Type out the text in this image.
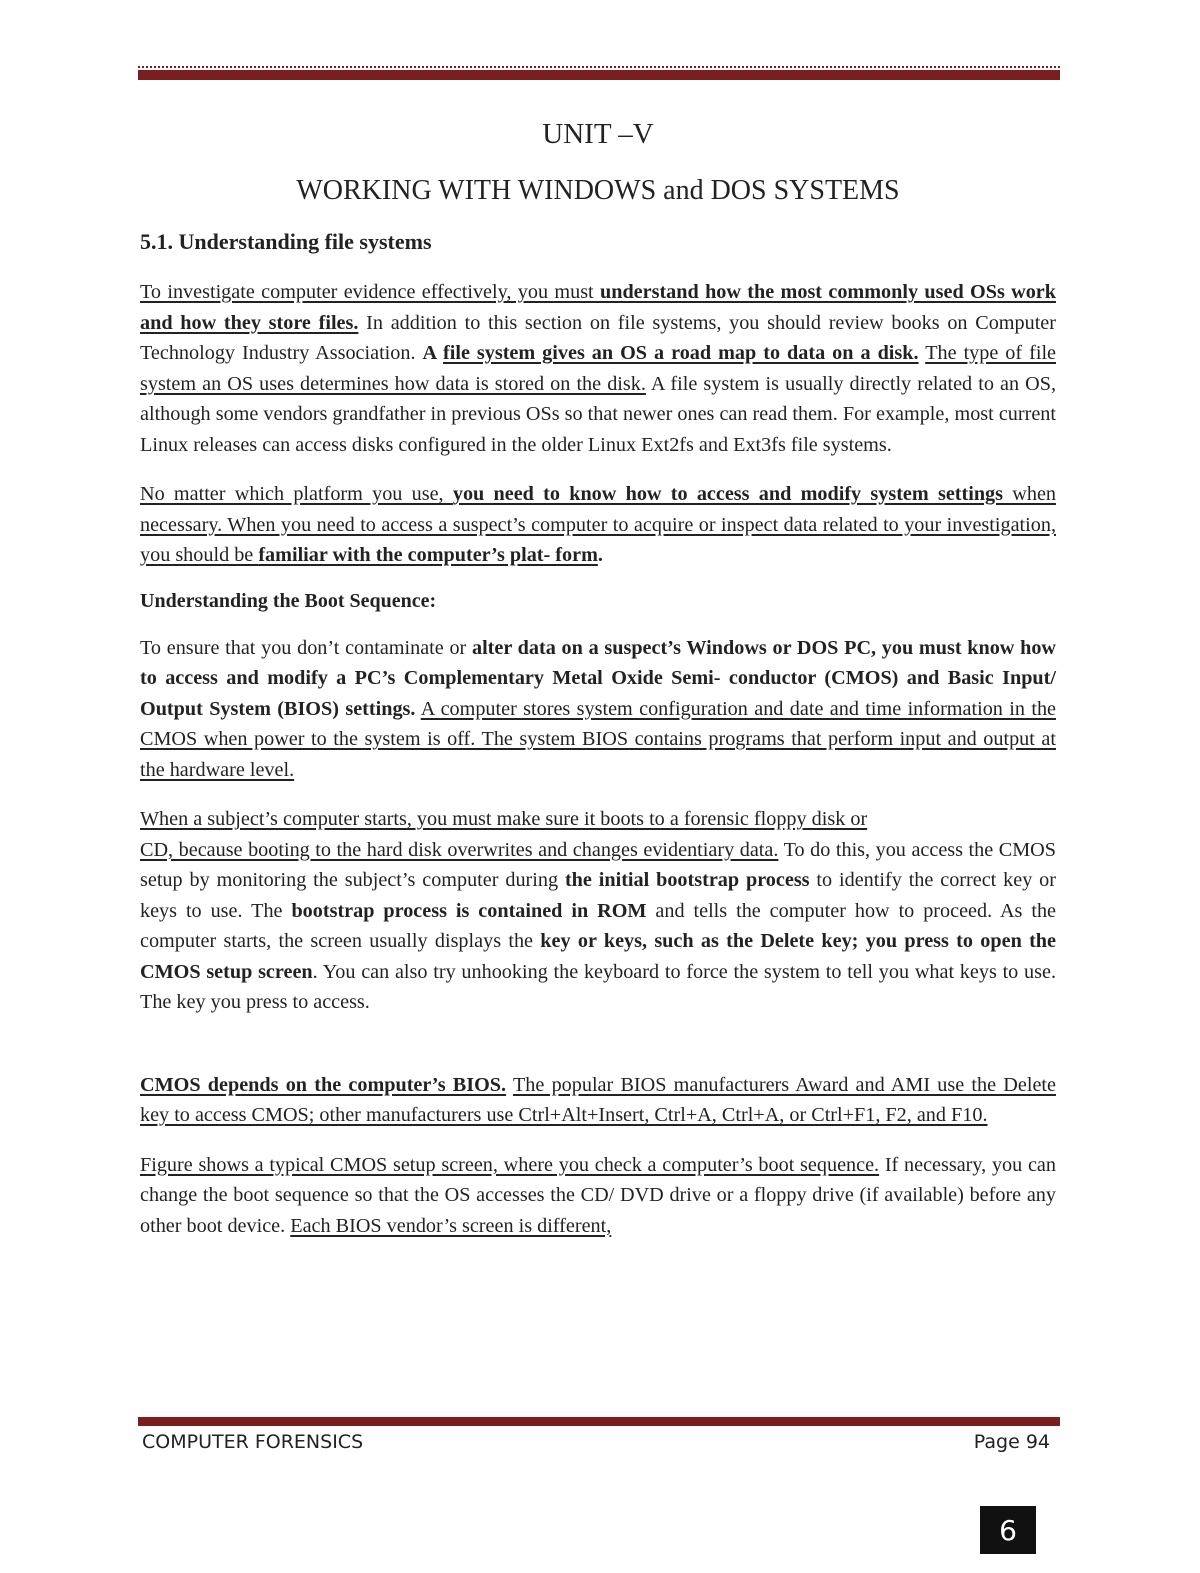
UNIT –V
WORKING WITH WINDOWS and DOS SYSTEMS
5.1. Understanding file systems

To investigate computer evidence effectively, you must understand how the most commonly used OSs work and how they store files. In addition to this section on file systems, you should review books on Computer Technology Industry Association. A file system gives an OS a road map to data on a disk. The type of file system an OS uses determines how data is stored on the disk. A file system is usually directly related to an OS, although some vendors grandfather in previous OSs so that newer ones can read them. For example, most current Linux releases can access disks configured in the older Linux Ext2fs and Ext3fs file systems.

No matter which platform you use, you need to know how to access and modify system settings when necessary. When you need to access a suspect’s computer to acquire or inspect data related to your investigation, you should be familiar with the computer’s plat- form.

Understanding the Boot Sequence:

To ensure that you don’t contaminate or alter data on a suspect’s Windows or DOS PC, you must know how to access and modify a PC’s Complementary Metal Oxide Semi- conductor (CMOS) and Basic Input/ Output System (BIOS) settings. A computer stores system configuration and date and time information in the CMOS when power to the system is off. The system BIOS contains programs that perform input and output at the hardware level.

When a subject’s computer starts, you must make sure it boots to a forensic floppy disk or
CD, because booting to the hard disk overwrites and changes evidentiary data. To do this, you access the CMOS setup by monitoring the subject’s computer during the initial bootstrap process to identify the correct key or keys to use. The bootstrap process is contained in ROM and tells the computer how to proceed. As the computer starts, the screen usually displays the key or keys, such as the Delete key; you press to open the CMOS setup screen. You can also try unhooking the keyboard to force the system to tell you what keys to use. The key you press to access.

CMOS depends on the computer’s BIOS. The popular BIOS manufacturers Award and AMI use the Delete key to access CMOS; other manufacturers use Ctrl+Alt+Insert, Ctrl+A, Ctrl+A, or Ctrl+F1, F2, and F10.

Figure shows a typical CMOS setup screen, where you check a computer’s boot sequence. If necessary, you can change the boot sequence so that the OS accesses the CD/ DVD drive or a floppy drive (if available) before any other boot device. Each BIOS vendor’s screen is different,

COMPUTER FORENSICS	Page 94
6
